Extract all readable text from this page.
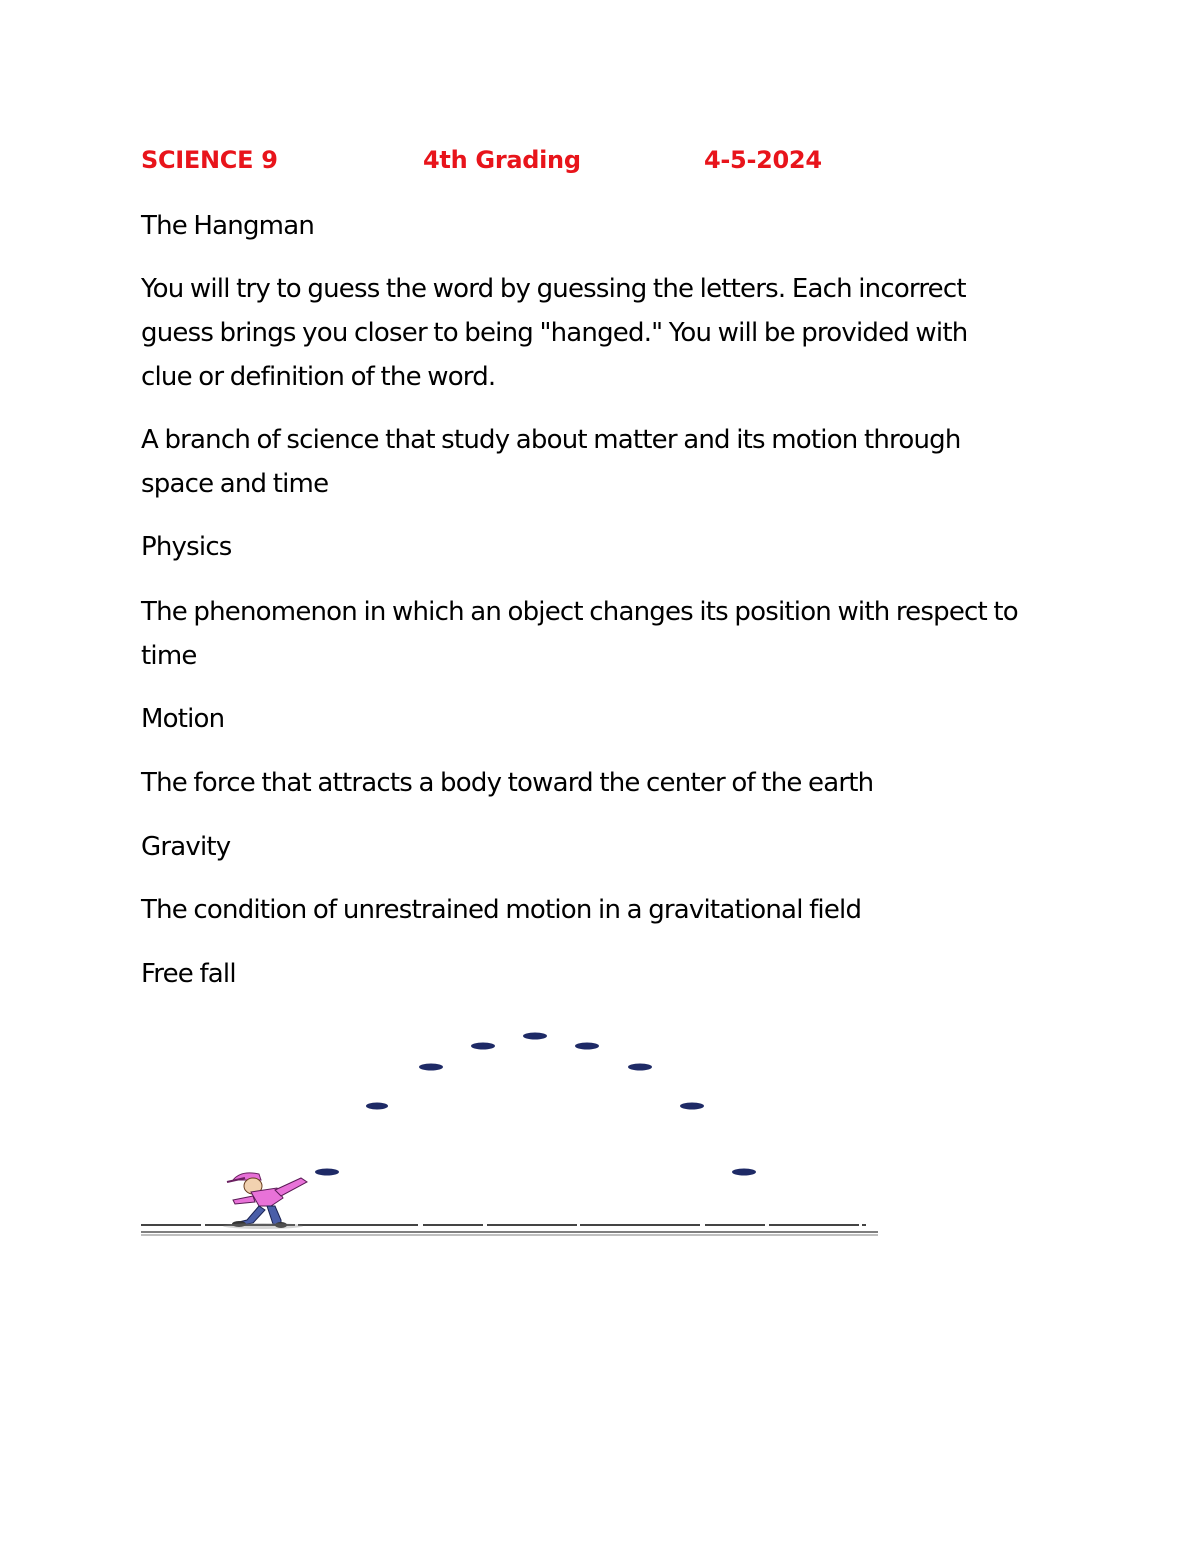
SCIENCE 9	4th Grading	4-5-2024

The Hangman

You will try to guess the word by guessing the letters. Each incorrect guess brings you closer to being "hanged." You will be provided with clue or definition of the word.

A branch of science that study about matter and its motion through space and time

Physics

The phenomenon in which an object changes its position with respect to time

Motion

The force that attracts a body toward the center of the earth

Gravity

The condition of unrestrained motion in a gravitational field

Free fall
